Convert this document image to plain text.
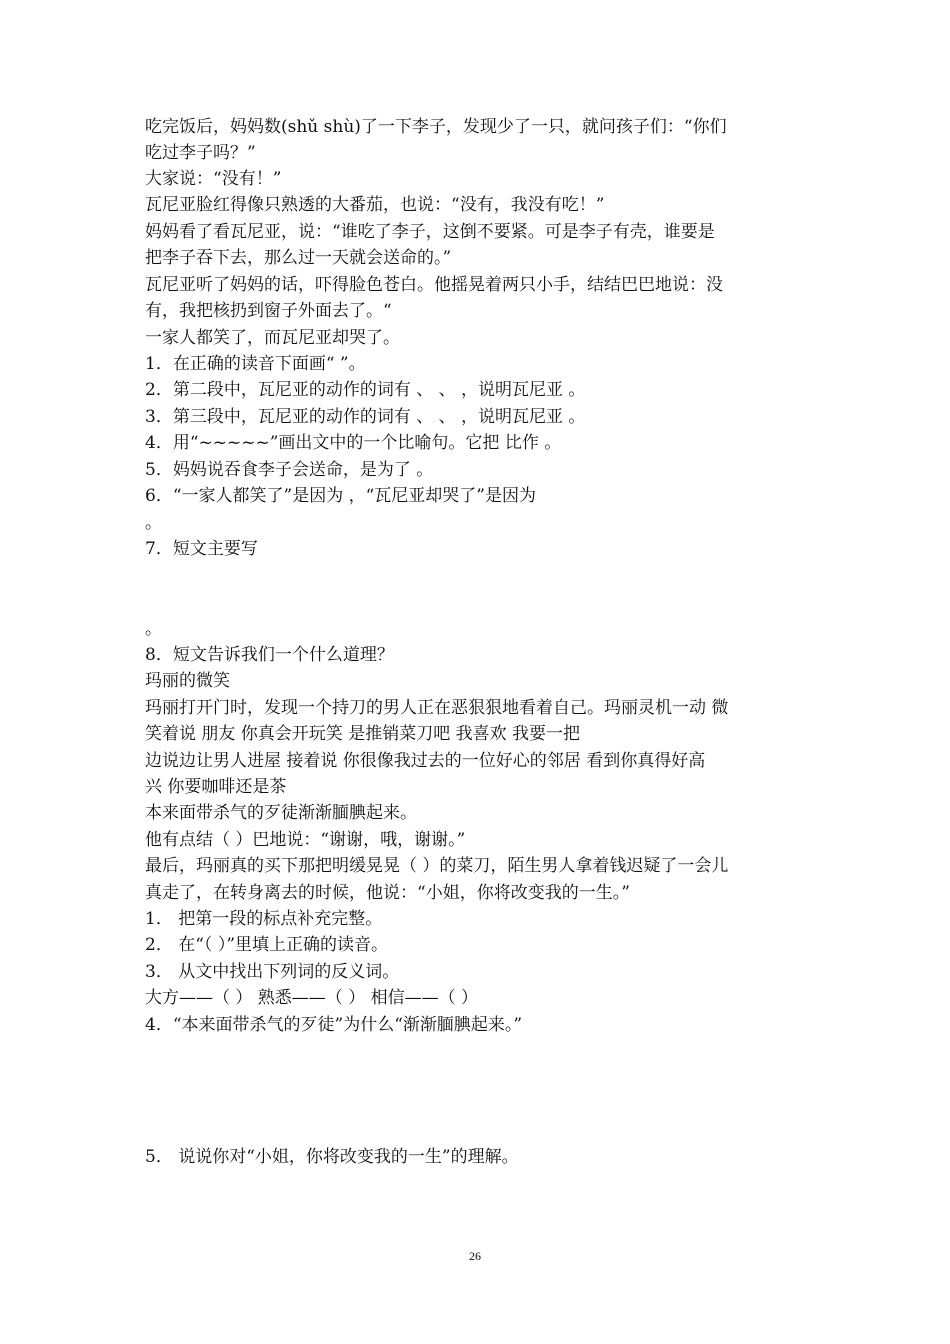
吃完饭后，妈妈数(shǔ shù)了一下李子，发现少了一只，就问孩子们：“你们
吃过李子吗？”
大家说：“没有！”
瓦尼亚脸红得像只熟透的大番茄，也说：“没有，我没有吃！”
妈妈看了看瓦尼亚，说：“谁吃了李子，这倒不要紧。可是李子有壳，谁要是
把李子吞下去，那么过一天就会送命的。”
瓦尼亚听了妈妈的话，吓得脸色苍白。他摇晃着两只小手，结结巴巴地说：没
有，我把核扔到窗子外面去了。“
一家人都笑了，而瓦尼亚却哭了。
1．在正确的读音下面画“ ”。
2．第二段中，瓦尼亚的动作的词有 、 、 ，说明瓦尼亚 。
3．第三段中，瓦尼亚的动作的词有 、 、 ，说明瓦尼亚 。
4．用“~~~~~”画出文中的一个比喻句。它把 比作 。
5．妈妈说吞食李子会送命，是为了 。
6．“一家人都笑了”是因为 ，“瓦尼亚却哭了”是因为
。
7．短文主要写
。
8．短文告诉我们一个什么道理？
玛丽的微笑
玛丽打开门时，发现一个持刀的男人正在恶狠狠地看着自己。玛丽灵机一动 微
笑着说 朋友 你真会开玩笑 是推销菜刀吧 我喜欢 我要一把
边说边让男人进屋 接着说 你很像我过去的一位好心的邻居 看到你真得好高
兴 你要咖啡还是茶
本来面带杀气的歹徒渐渐腼腆起来。
他有点结（ ）巴地说：“谢谢，哦，谢谢。”
最后，玛丽真的买下那把明缓晃晃（ ）的菜刀，陌生男人拿着钱迟疑了一会儿
真走了，在转身离去的时候，他说：“小姐，你将改变我的一生。”
1． 把第一段的标点补充完整。
2． 在“（ ）”里填上正确的读音。
3． 从文中找出下列词的反义词。
大方——（ ） 熟悉——（ ） 相信——（ ）
4．“本来面带杀气的歹徒”为什么“渐渐腼腆起来。”
5． 说说你对“小姐，你将改变我的一生”的理解。
26
